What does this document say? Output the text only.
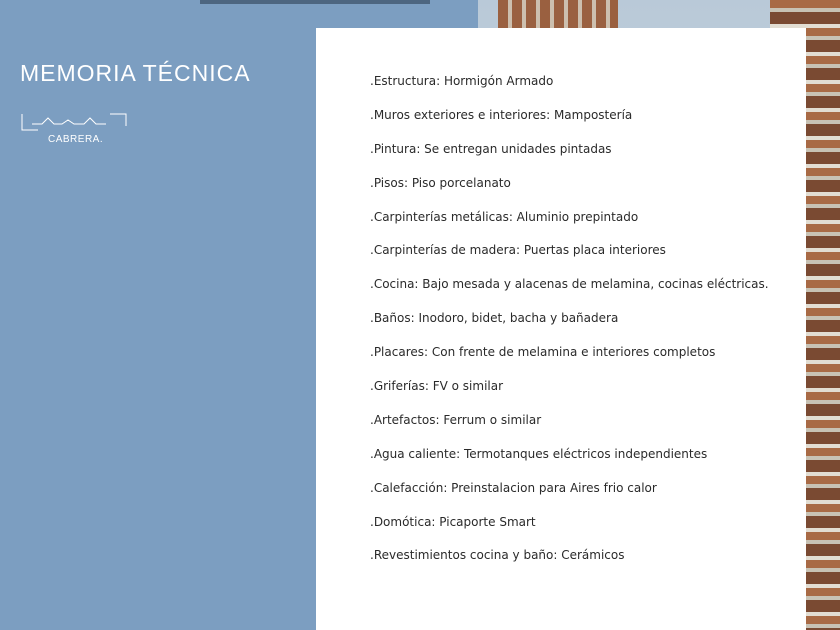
MEMORIA TÉCNICA
CABRERA.
.Estructura: Hormigón Armado
.Muros exteriores e interiores: Mampostería
.Pintura: Se entregan unidades pintadas
.Pisos: Piso porcelanato
.Carpinterías metálicas: Aluminio prepintado
.Carpinterías de madera: Puertas placa interiores
.Cocina: Bajo mesada y alacenas de melamina, cocinas eléctricas.
.Baños: Inodoro, bidet, bacha y bañadera
.Placares: Con frente de melamina e interiores completos
.Griferías: FV o similar
.Artefactos: Ferrum o similar
.Agua caliente: Termotanques eléctricos independientes
.Calefacción: Preinstalacion para Aires frio calor
.Domótica: Picaporte Smart
.Revestimientos cocina y baño: Cerámicos
